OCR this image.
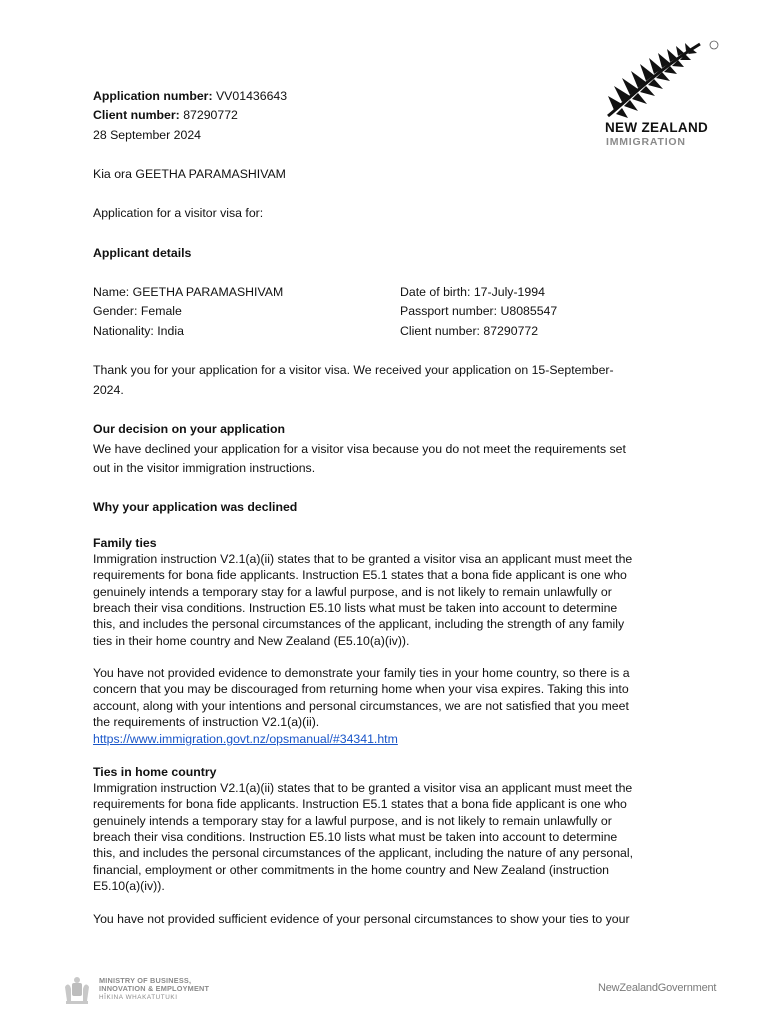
NEW ZEALAND
IMMIGRATION
Application number: VV01436643
Client number: 87290772
28 September 2024
Kia ora GEETHA PARAMASHIVAM
Application for a visitor visa for:
Applicant details
Name: GEETHA PARAMASHIVAM
Gender: Female
Nationality: India
Date of birth: 17-July-1994
Passport number: U8085547
Client number: 87290772
Thank you for your application for a visitor visa. We received your application on 15-September-
2024.
Our decision on your application
We have declined your application for a visitor visa because you do not meet the requirements set
out in the visitor immigration instructions.
Why your application was declined
Family ties
Immigration instruction V2.1(a)(ii) states that to be granted a visitor visa an applicant must meet the
requirements for bona fide applicants. Instruction E5.1 states that a bona fide applicant is one who
genuinely intends a temporary stay for a lawful purpose, and is not likely to remain unlawfully or
breach their visa conditions. Instruction E5.10 lists what must be taken into account to determine
this, and includes the personal circumstances of the applicant, including the strength of any family
ties in their home country and New Zealand (E5.10(a)(iv)).
You have not provided evidence to demonstrate your family ties in your home country, so there is a
concern that you may be discouraged from returning home when your visa expires. Taking this into
account, along with your intentions and personal circumstances, we are not satisfied that you meet
the requirements of instruction V2.1(a)(ii).
https://www.immigration.govt.nz/opsmanual/#34341.htm
Ties in home country
Immigration instruction V2.1(a)(ii) states that to be granted a visitor visa an applicant must meet the
requirements for bona fide applicants. Instruction E5.1 states that a bona fide applicant is one who
genuinely intends a temporary stay for a lawful purpose, and is not likely to remain unlawfully or
breach their visa conditions. Instruction E5.10 lists what must be taken into account to determine
this, and includes the personal circumstances of the applicant, including the nature of any personal,
financial, employment or other commitments in the home country and New Zealand (instruction
E5.10(a)(iv)).
You have not provided sufficient evidence of your personal circumstances to show your ties to your
MINISTRY OF BUSINESS,
INNOVATION & EMPLOYMENT
HĪKINA WHAKATUTUKI
NewZealandGovernment
